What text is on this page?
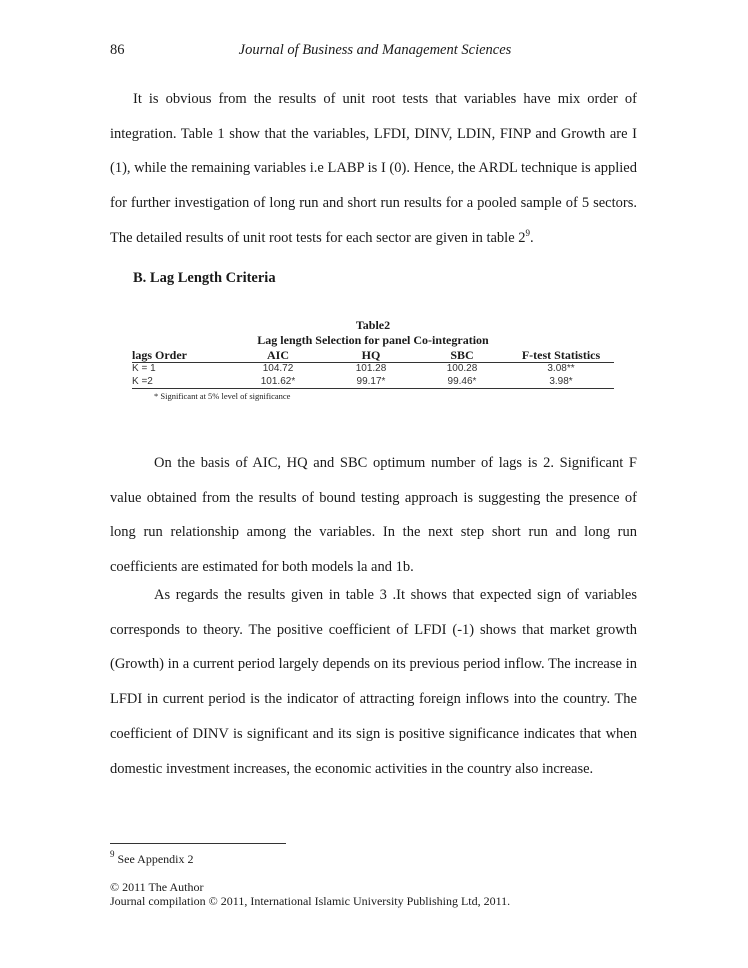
86	Journal of Business and Management Sciences

It is obvious from the results of unit root tests that variables have mix order of integration. Table 1 show that the variables, LFDI, DINV, LDIN, FINP and Growth are I (1), while the remaining variables i.e LABP is I (0). Hence, the ARDL technique is applied for further investigation of long run and short run results for a pooled sample of 5 sectors. The detailed results of unit root tests for each sector are given in table $2^9$.

B. Lag Length Criteria
Table2
Lag length Selection for panel Co-integration
lags Order	AIC	HQ	SBC	F-test Statistics
K = 1	104.72	101.28	100.28	3.08**
K =2	101.62*	99.17*	99.46*	3.98*
* Significant at 5% level of significance

On the basis of AIC, HQ and SBC optimum number of lags is 2. Significant F value obtained from the results of bound testing approach is suggesting the presence of long run relationship among the variables. In the next step short run and long run coefficients are estimated for both models la and 1b.

As regards the results given in table 3 .It shows that expected sign of variables corresponds to theory. The positive coefficient of LFDI (-1) shows that market growth (Growth) in a current period largely depends on its previous period inflow. The increase in LFDI in current period is the indicator of attracting foreign inflows into the country. The coefficient of DINV is significant and its sign is positive significance indicates that when domestic investment increases, the economic activities in the country also increase.

$^9$ See Appendix 2
© 2011 The Author
Journal compilation © 2011, International Islamic University Publishing Ltd, 2011.
